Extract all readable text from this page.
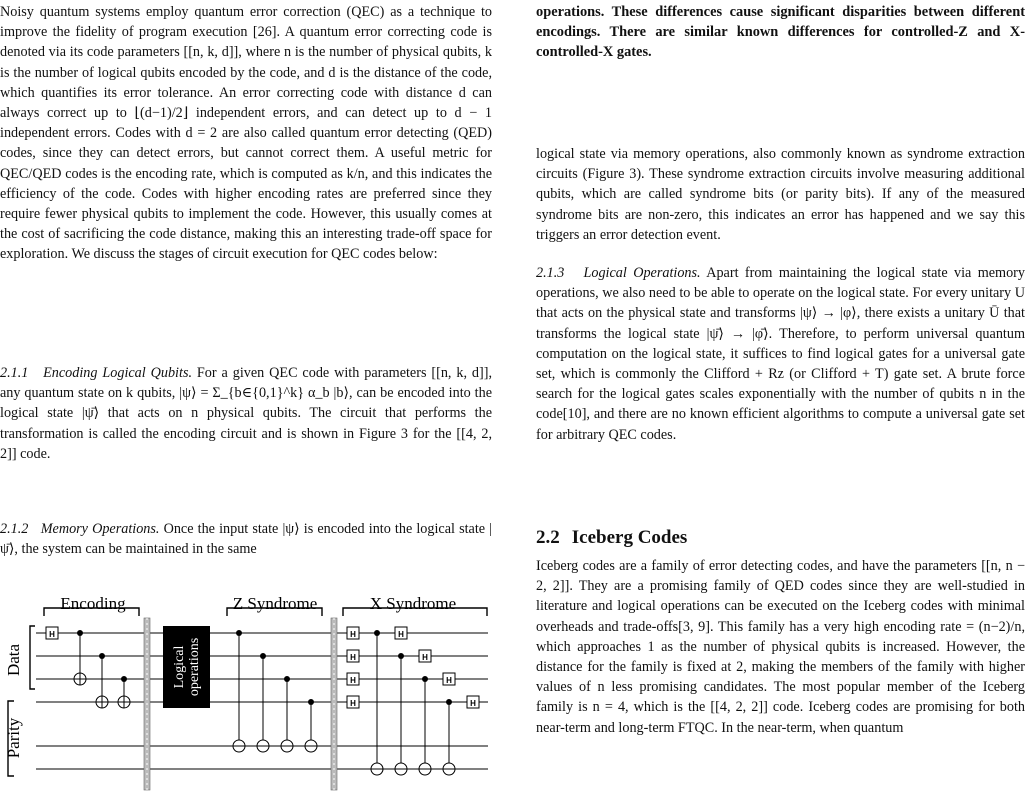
Noisy quantum systems employ quantum error correction (QEC) as a technique to improve the fidelity of program execution [26]. A quantum error correcting code is denoted via its code parameters [[n, k, d]], where n is the number of physical qubits, k is the number of logical qubits encoded by the code, and d is the distance of the code, which quantifies its error tolerance. An error correcting code with distance d can always correct up to ⌊(d−1)/2⌋ independent errors, and can detect up to d − 1 independent errors. Codes with d = 2 are also called quantum error detecting (QED) codes, since they can detect errors, but cannot correct them. A useful metric for QEC/QED codes is the encoding rate, which is computed as k/n, and this indicates the efficiency of the code. Codes with higher encoding rates are preferred since they require fewer physical qubits to implement the code. However, this usually comes at the cost of sacrificing the code distance, making this an interesting trade-off space for exploration. We discuss the stages of circuit execution for QEC codes below:

2.1.1 Encoding Logical Qubits. For a given QEC code with parameters [[n, k, d]], any quantum state on k qubits, |ψ⟩ = Σ_{b∈{0,1}^k} α_b |b⟩, can be encoded into the logical state |ψ̄⟩ that acts on n physical qubits. The circuit that performs the transformation is called the encoding circuit and is shown in Figure 3 for the [[4, 2, 2]] code.

2.1.2 Memory Operations. Once the input state |ψ⟩ is encoded into the logical state |ψ̄⟩, the system can be maintained in the same

Encoding	Z Syndrome	X Syndrome
Data
Parity
Logical operations
H	H
H
H
H
H
H
H
H

operations. These differences cause significant disparities between different encodings. There are similar known differences for controlled-Z and X-controlled-X gates.

logical state via memory operations, also commonly known as syndrome extraction circuits (Figure 3). These syndrome extraction circuits involve measuring additional qubits, which are called syndrome bits (or parity bits). If any of the measured syndrome bits are non-zero, this indicates an error has happened and we say this triggers an error detection event.

2.1.3 Logical Operations. Apart from maintaining the logical state via memory operations, we also need to be able to operate on the logical state. For every unitary U that acts on the physical state and transforms |ψ⟩ → |φ⟩, there exists a unitary Ū that transforms the logical state |ψ̄⟩ → |φ̄⟩. Therefore, to perform universal quantum computation on the logical state, it suffices to find logical gates for a universal gate set, which is commonly the Clifford + Rz (or Clifford + T) gate set. A brute force search for the logical gates scales exponentially with the number of qubits n in the code[10], and there are no known efficient algorithms to compute a universal gate set for arbitrary QEC codes.

2.2 Iceberg Codes

Iceberg codes are a family of error detecting codes, and have the parameters [[n, n − 2, 2]]. They are a promising family of QED codes since they are well-studied in literature and logical operations can be executed on the Iceberg codes with minimal overheads and trade-offs[3, 9]. This family has a very high encoding rate = (n−2)/n, which approaches 1 as the number of physical qubits is increased. However, the distance for the family is fixed at 2, making the members of the family with higher values of n less promising candidates. The most popular member of the Iceberg family is n = 4, which is the [[4, 2, 2]] code. Iceberg codes are promising for both near-term and long-term FTQC. In the near-term, when quantum
